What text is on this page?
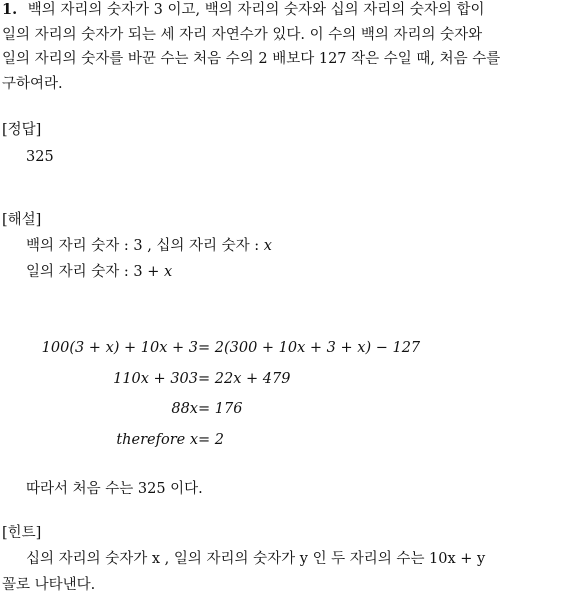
1. 백의 자리의 숫자가 3 이고, 백의 자리의 숫자와 십의 자리의 숫자의 합이
일의 자리의 숫자가 되는 세 자리 자연수가 있다. 이 수의 백의 자리의 숫자와
일의 자리의 숫자를 바꾼 수는 처음 수의 2 배보다 127 작은 수일 때, 처음 수를
구하여라.
[정답]
325
[해설]
백의 자리 숫자 : 3 , 십의 자리 숫자 : x
일의 자리 숫자 : 3 + x
100(3 + x) + 10x + 3= 2(300 + 10x + 3 + x) − 127
110x + 303= 22x + 479
88x= 176
therefore x= 2
따라서 처음 수는 325 이다.
[힌트]
십의 자리의 숫자가 x , 일의 자리의 숫자가 y 인 두 자리의 수는 10x + y
꼴로 나타낸다.
